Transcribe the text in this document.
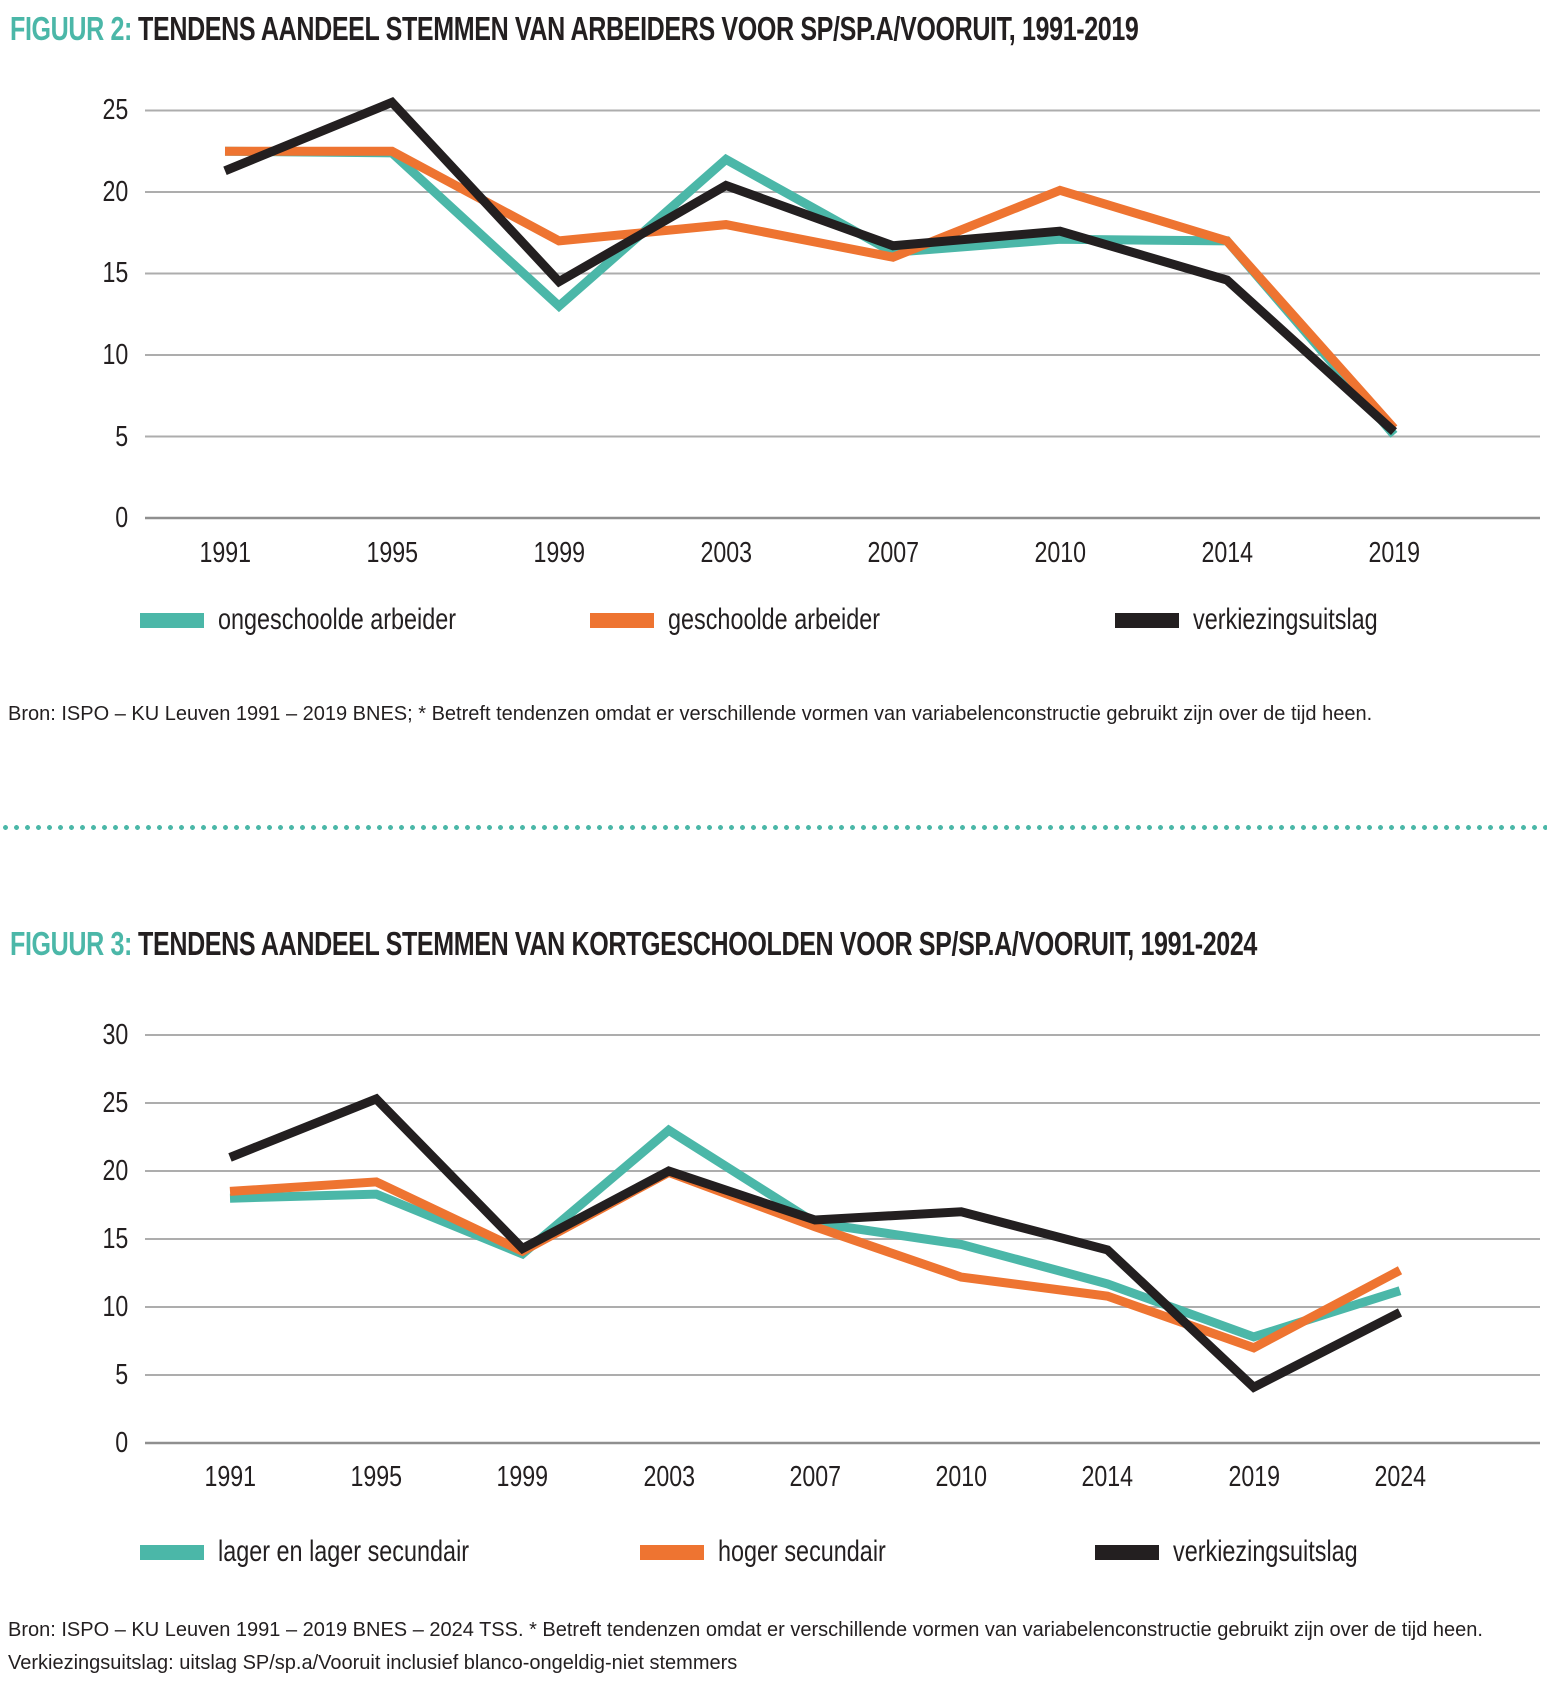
FIGUUR 2: TENDENS AANDEEL STEMMEN VAN ARBEIDERS VOOR SP/SP.A/VOORUIT, 1991-2019
25
20
15
10
5
0
1991	1995	1999	2003	2007	2010	2014	2019
ongeschoolde arbeider	geschoolde arbeider	verkiezingsuitslag
Bron: ISPO – KU Leuven 1991 – 2019 BNES; * Betreft tendenzen omdat er verschillende vormen van variabelenconstructie gebruikt zijn over de tijd heen.
FIGUUR 3: TENDENS AANDEEL STEMMEN VAN KORTGESCHOOLDEN VOOR SP/SP.A/VOORUIT, 1991-2024
30
25
20
15
10
5
0
1991	1995	1999	2003	2007	2010	2014	2019	2024
lager en lager secundair	hoger secundair	verkiezingsuitslag
Bron: ISPO – KU Leuven 1991 – 2019 BNES – 2024 TSS. * Betreft tendenzen omdat er verschillende vormen van variabelenconstructie gebruikt zijn over de tijd heen.
Verkiezingsuitslag: uitslag SP/sp.a/Vooruit inclusief blanco-ongeldig-niet stemmers
